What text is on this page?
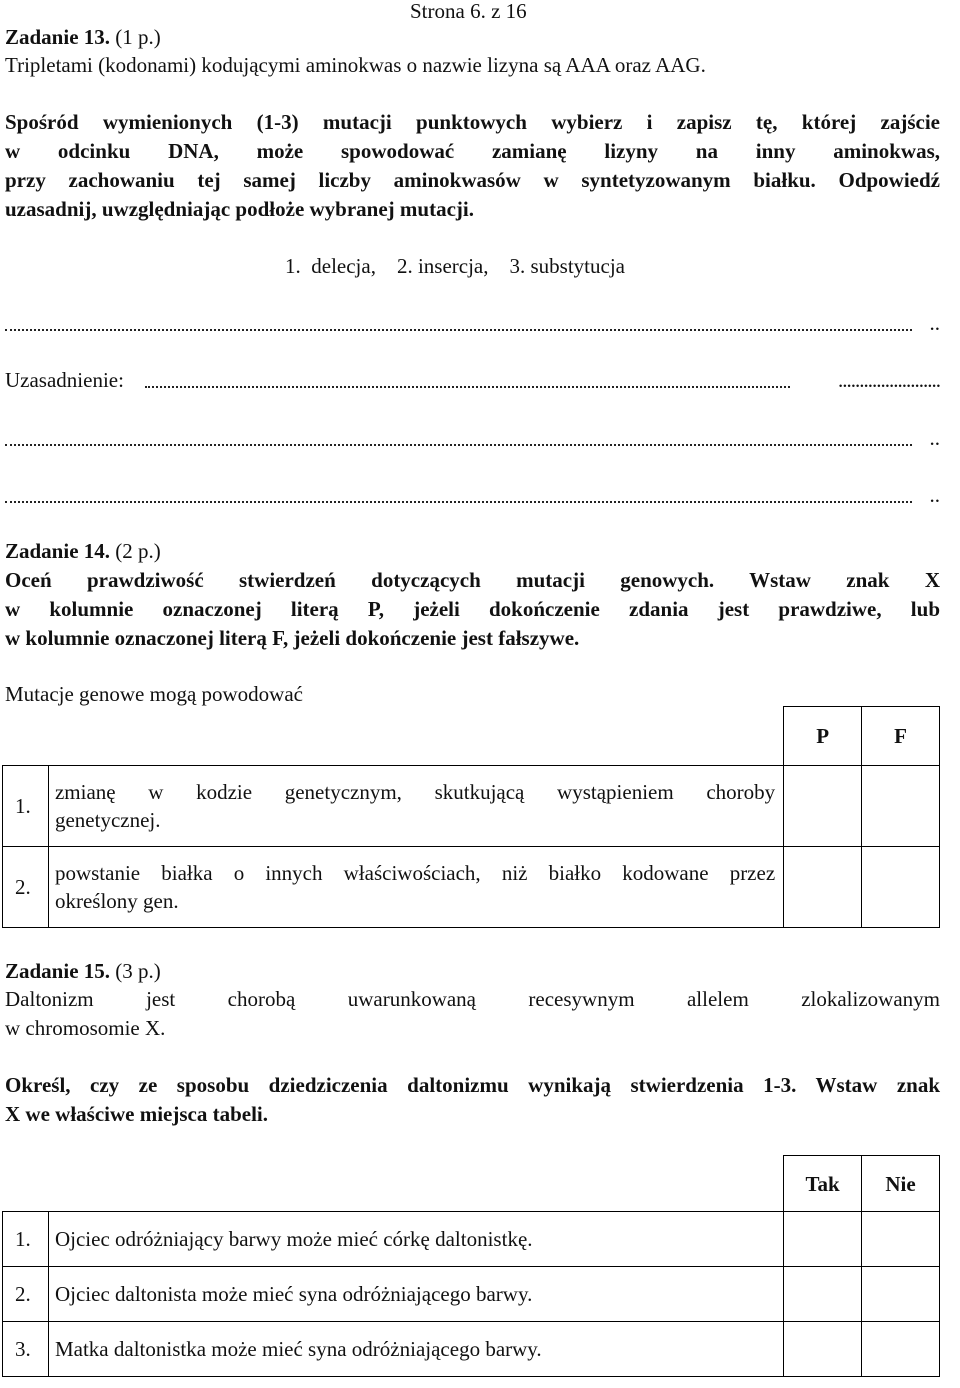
Strona 6. z 16
Zadanie 13. (1 p.)
Tripletami (kodonami) kodującymi aminokwas o nazwie lizyna są AAA oraz AAG.
Spośród wymienionych (1-3) mutacji punktowych wybierz i zapisz tę, której zajście
w odcinku DNA, może spowodować zamianę lizyny na inny aminokwas,
przy zachowaniu tej samej liczby aminokwasów w syntetyzowanym białku. Odpowiedź
uzasadnij, uwzględniając podłoże wybranej mutacji.
1.  delecja,    2. insercja,    3. substytucja
..
Uzasadnienie:	........................
..
..
Zadanie 14. (2 p.)
Oceń prawdziwość stwierdzeń dotyczących mutacji genowych. Wstaw znak X
w kolumnie oznaczonej literą P, jeżeli dokończenie zdania jest prawdziwe, lub
w kolumnie oznaczonej literą F, jeżeli dokończenie jest fałszywe.
Mutacje genowe mogą powodować
		P	F
1.	zmianę w kodzie genetycznym, skutkującą wystąpieniem choroby
genetycznej.		

2.	powstanie białka o innych właściwościach, niż białko kodowane przez
określony gen.		

Zadanie 15. (3 p.)
Daltonizm jest chorobą uwarunkowaną recesywnym allelem zlokalizowanym
w chromosomie X.
Określ, czy ze sposobu dziedziczenia daltonizmu wynikają stwierdzenia 1-3. Wstaw znak
X we właściwe miejsca tabeli.
		Tak	Nie
1.	Ojciec odróżniający barwy może mieć córkę daltonistkę.		
2.	Ojciec daltonista może mieć syna odróżniającego barwy.		
3.	Matka daltonistka może mieć syna odróżniającego barwy.		
